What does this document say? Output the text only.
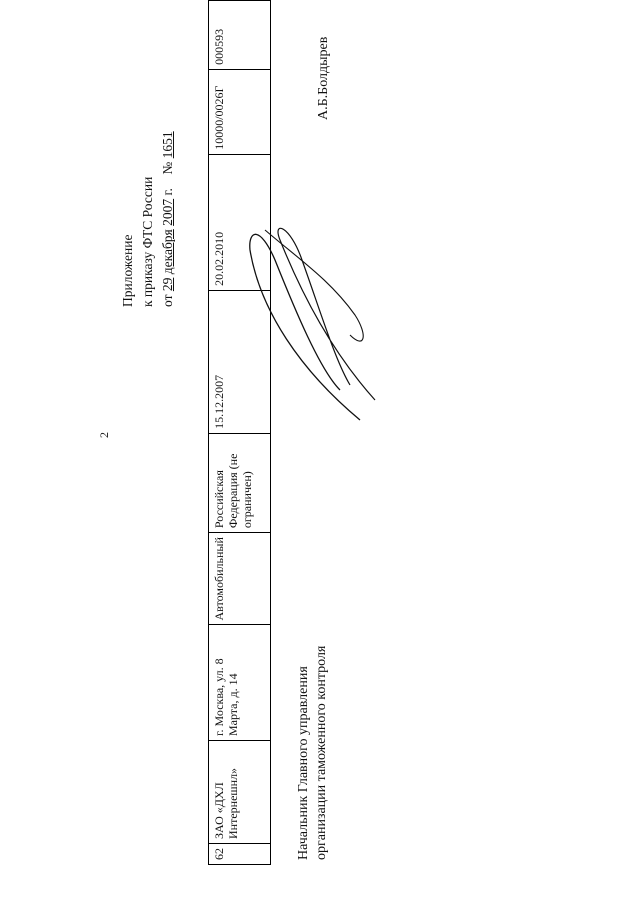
2
Приложение к приказу ФТС России от 29 декабря 2007 г.    № 1651
62	ЗАО «ДХЛ Интернешнл»	г. Москва, ул. 8 Марта, д. 14	Автомобильный	Российская Федерация (не ограничен)	15.12.2007	20.02.2010	10000/0026Г	000593
Начальник Главного управления организации таможенного контроля
А.Б.Болдырев
